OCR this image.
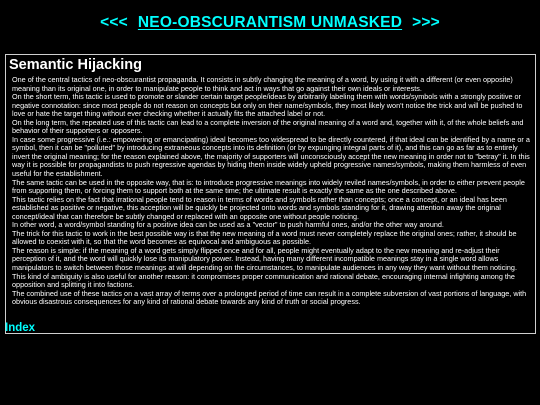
<<< NEO-OBSCURANTISM UNMASKED >>>
Semantic Hijacking
One of the central tactics of neo-obscurantist propaganda. It consists in subtly changing the meaning of a word, by using it with a different (or even opposite) meaning than its original one, in order to manipulate people to think and act in ways that go against their own ideals or interests.
On the short term, this tactic is used to promote or slander certain target people/ideas by arbitrarily labeling them with words/symbols with a strongly positive or negative connotation: since most people do not reason on concepts but only on their name/symbols, they most likely won't notice the trick and will be pushed to love or hate the target thing without ever checking whether it actually fits the attached label or not.
On the long term, the repeated use of this tactic can lead to a complete inversion of the original meaning of a word and, together with it, of the whole beliefs and behavior of their supporters or opposers.
In case some progressive (i.e.: empowering or emancipating) ideal becomes too widespread to be directly countered, if that ideal can be identified by a name or a symbol, then it can be "polluted" by introducing extraneous concepts into its definition (or by expunging integral parts of it), and this can go as far as to entirely invert the original meaning; for the reason explained above, the majority of supporters will unconsciously accept the new meaning in order not to "betray" it. In this way it is possible for propagandists to push regressive agendas by hiding them inside widely upheld progressive names/symbols, making them harmless of even useful for the establishment.
The same tactic can be used in the opposite way, that is: to introduce progressive meanings into widely reviled names/symbols, in order to either prevent people from supporting them, or forcing them to support both at the same time; the ultimate result is exactly the same as the one described above.
This tactic relies on the fact that irrational people tend to reason in terms of words and symbols rather than concepts; once a concept, or an ideal has been established as positive or negative, this acception will be quickly be projected onto words and symbols standing for it, drawing attention away the original concept/ideal that can therefore be subtly changed or replaced with an opposite one without people noticing.
In other word, a word/symbol standing for a positive idea can be used as a "vector" to push harmful ones, and/or the other way around.
The trick for this tactic to work in the best possible way is that the new meaning of a word must never completely replace the original ones; rather, it should be allowed to coexist with it, so that the word becomes as equivocal and ambiguous as possible.
The reason is simple: if the meaning of a word gets simply flipped once and for all, people might eventually adapt to the new meaning and re-adjust their perception of it, and the word will quickly lose its manipulatory power. Instead, having many different incompatible meanings stay in a single word allows manipulators to switch between those meanings at will depending on the circumstances, to manipulate audiences in any way they want without them noticing.
This kind of ambiguity is also useful for another reason: it compromises proper communication and rational debate, encouraging internal infighting among the opposition and splitting it into factions.
The combined use of these tactics on a vast array of terms over a prolonged period of time can result in a complete subversion of vast portions of language, with obvious disastrous consequences for any kind of rational debate towards any kind of truth or social progress.
Index
